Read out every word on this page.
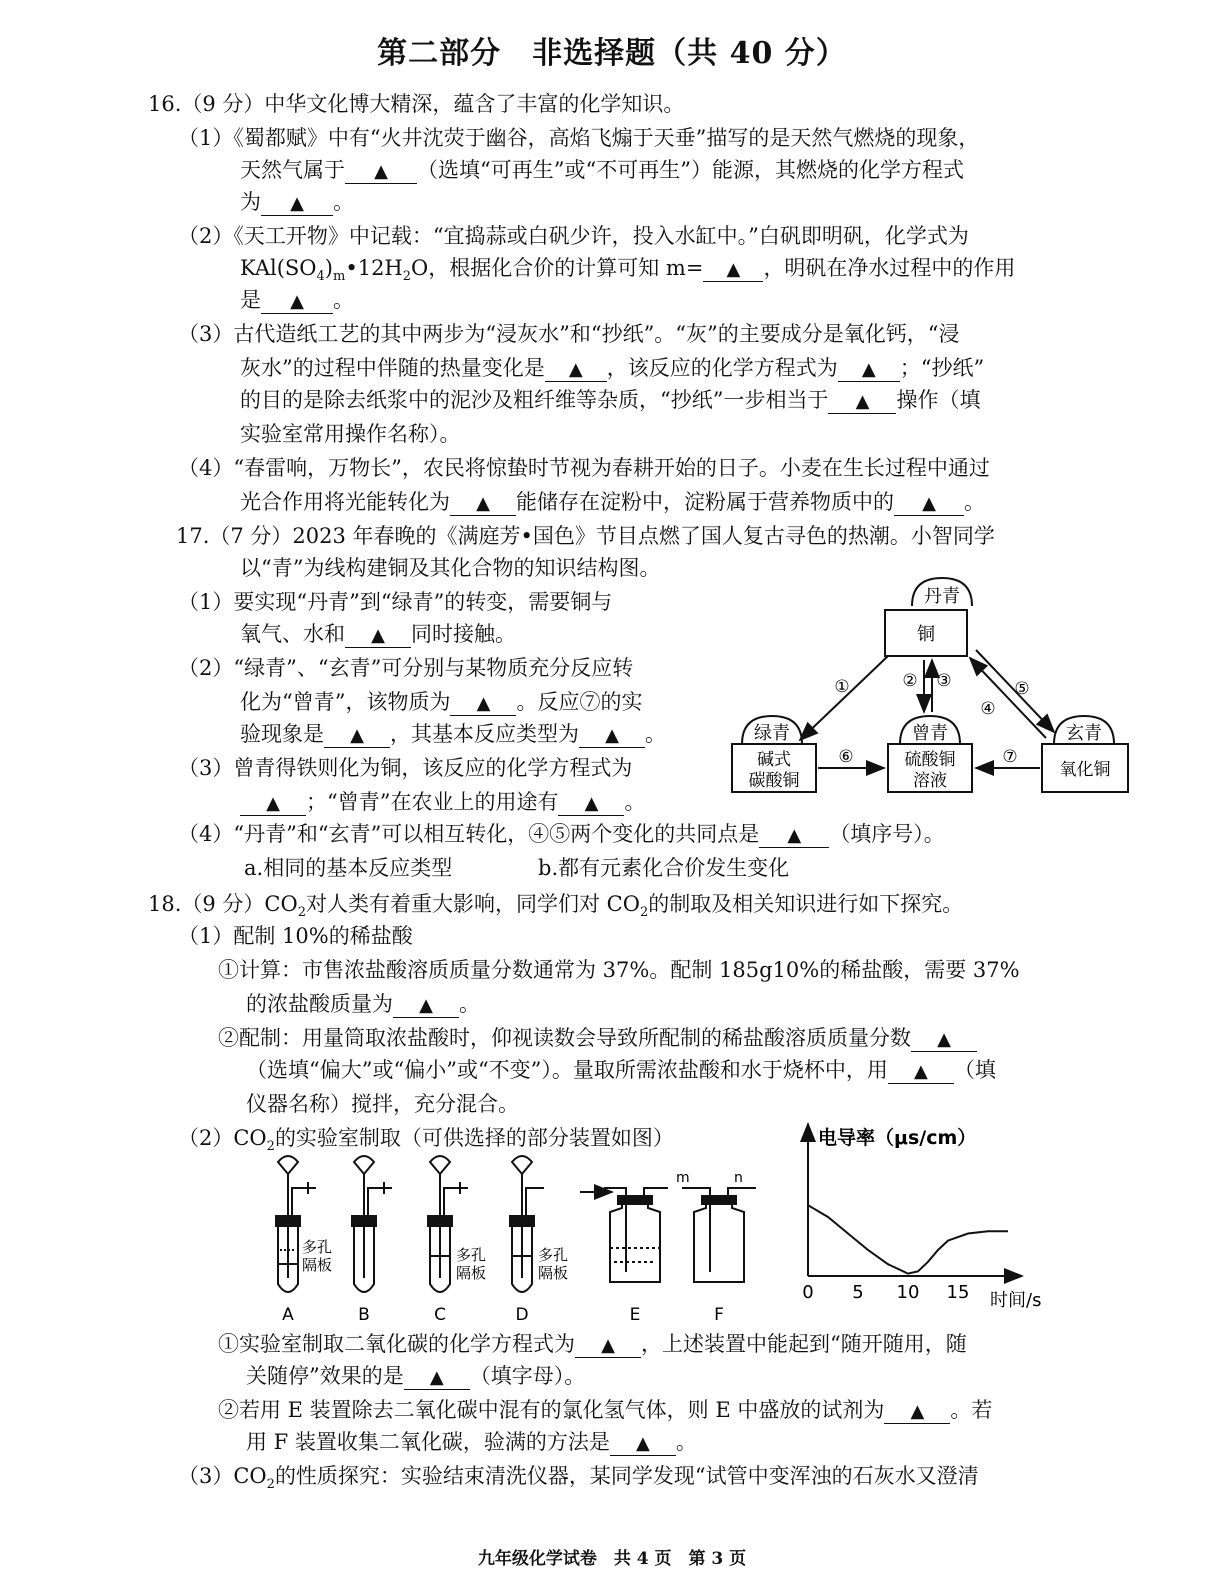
第二部分　非选择题（共 40 分）
16.（9 分）中华文化博大精深，蕴含了丰富的化学知识。
（1）《蜀都赋》中有“火井沈荧于幽谷，高焰飞煽于天垂”描写的是天然气燃烧的现象，
天然气属于 ▲ （选填“可再生”或“不可再生”）能源，其燃烧的化学方程式
为 ▲ 。
（2）《天工开物》中记载：“宜捣蒜或白矾少许，投入水缸中。”白矾即明矾，化学式为
$KAl(SO_4)_m•12H_2O$，根据化合价的计算可知 m= ▲ ，明矾在净水过程中的作用
是 ▲ 。
（3）古代造纸工艺的其中两步为“浸灰水”和“抄纸”。“灰”的主要成分是氧化钙，“浸
灰水”的过程中伴随的热量变化是 ▲ ，该反应的化学方程式为 ▲ ；“抄纸”
的目的是除去纸浆中的泥沙及粗纤维等杂质，“抄纸”一步相当于 ▲ 操作（填
实验室常用操作名称）。
（4）“春雷响，万物长”，农民将惊蛰时节视为春耕开始的日子。小麦在生长过程中通过
光合作用将光能转化为 ▲ 能储存在淀粉中，淀粉属于营养物质中的 ▲ 。
17.（7 分）2023 年春晚的《满庭芳•国色》节目点燃了国人复古寻色的热潮。小智同学
以“青”为线构建铜及其化合物的知识结构图。
（1）要实现“丹青”到“绿青”的转变，需要铜与
氧气、水和 ▲ 同时接触。
（2）“绿青”、“玄青”可分别与某物质充分反应转
化为“曾青”，该物质为 ▲ 。反应⑦的实
验现象是 ▲ ，其基本反应类型为 ▲ 。
（3）曾青得铁则化为铜，该反应的化学方程式为
▲ ；“曾青”在农业上的用途有 ▲ 。
（4）“丹青”和“玄青”可以相互转化，④⑤两个变化的共同点是 ▲ （填序号）。
a.相同的基本反应类型	b.都有元素化合价发生变化
丹青
铜
绿青
碱式
碳酸铜
曾青
硫酸铜
溶液
玄青
氧化铜
①	② ③
④
⑤
⑥	⑦
18.（9 分）$CO_2$对人类有着重大影响，同学们对 $CO_2$的制取及相关知识进行如下探究。
（1）配制 10%的稀盐酸
①计算：市售浓盐酸溶质质量分数通常为 37%。配制 185g10%的稀盐酸，需要 37%
的浓盐酸质量为 ▲ 。
②配制：用量筒取浓盐酸时，仰视读数会导致所配制的稀盐酸溶质质量分数 ▲
（选填“偏大”或“偏小”或“不变”）。量取所需浓盐酸和水于烧杯中，用 ▲ （填
仪器名称）搅拌，充分混合。
$(2)CO_2$的实验室制取（可供选择的部分装置如图）
多孔
隔板
多孔
隔板
多孔
隔板
m	n
A	B	C	D	E	F
电导率（μs/cm）
时间/s
0 5 10 15
①实验室制取二氧化碳的化学方程式为 ▲ ，上述装置中能起到“随开随用，随
关随停”效果的是 ▲ （填字母）。
②若用 E 装置除去二氧化碳中混有的氯化氢气体，则 E 中盛放的试剂为 ▲ 。若
用 F 装置收集二氧化碳，验满的方法是 ▲ 。
$(3)CO_2$的性质探究：实验结束清洗仪器，某同学发现“试管中变浑浊的石灰水又澄清
九年级化学试卷　共 4 页　第 3 页
